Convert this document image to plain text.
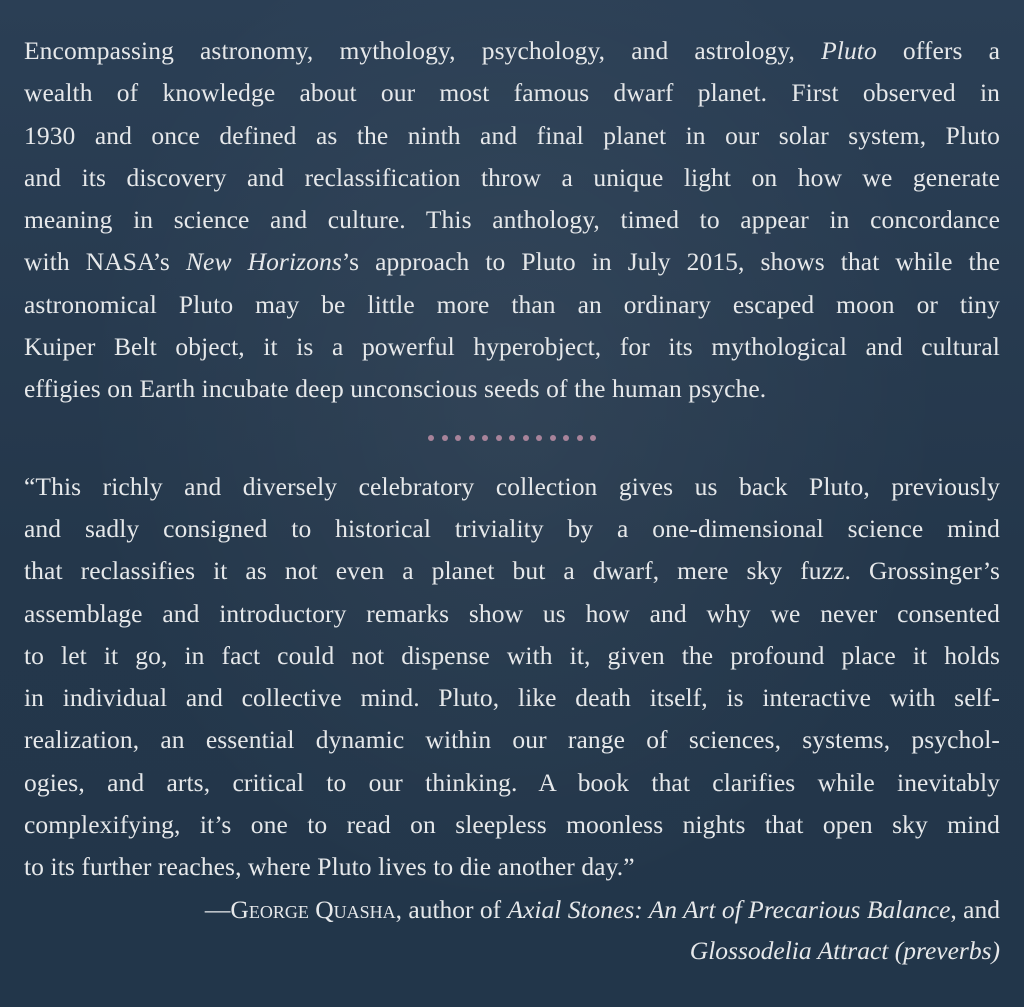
Encompassing astronomy, mythology, psychology, and astrology, Pluto offers a
wealth of knowledge about our most famous dwarf planet. First observed in
1930 and once defined as the ninth and final planet in our solar system, Pluto
and its discovery and reclassification throw a unique light on how we generate
meaning in science and culture. This anthology, timed to appear in concordance
with NASA’s New Horizons’s approach to Pluto in July 2015, shows that while the
astronomical Pluto may be little more than an ordinary escaped moon or tiny
Kuiper Belt object, it is a powerful hyperobject, for its mythological and cultural
effigies on Earth incubate deep unconscious seeds of the human psyche.
“This richly and diversely celebratory collection gives us back Pluto, previously
and sadly consigned to historical triviality by a one-dimensional science mind
that reclassifies it as not even a planet but a dwarf, mere sky fuzz. Grossinger’s
assemblage and introductory remarks show us how and why we never consented
to let it go, in fact could not dispense with it, given the profound place it holds
in individual and collective mind. Pluto, like death itself, is interactive with self-
realization, an essential dynamic within our range of sciences, systems, psychol-
ogies, and arts, critical to our thinking. A book that clarifies while inevitably
complexifying, it’s one to read on sleepless moonless nights that open sky mind
to its further reaches, where Pluto lives to die another day.”
—George Quasha, author of Axial Stones: An Art of Precarious Balance, and
Glossodelia Attract (preverbs)
